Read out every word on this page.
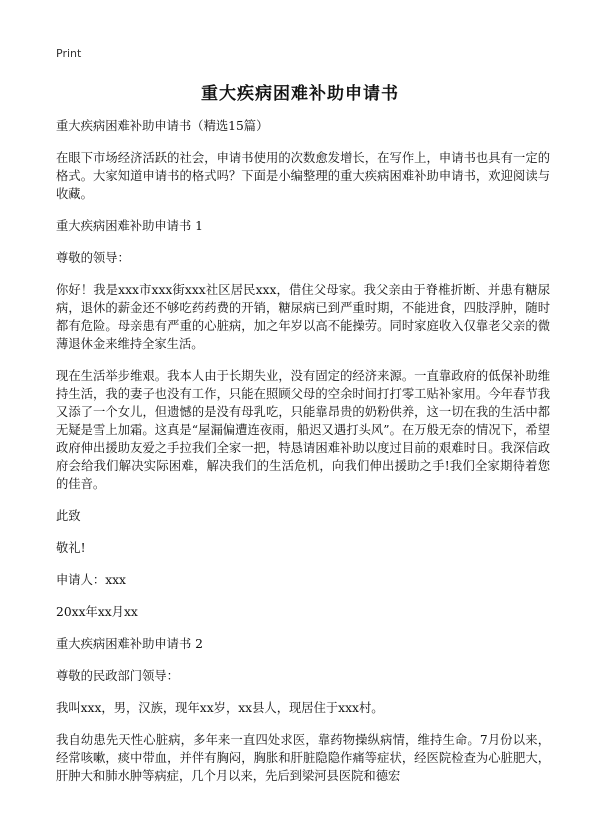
Print
重大疾病困难补助申请书

重大疾病困难补助申请书（精选15篇）

在眼下市场经济活跃的社会，申请书使用的次数愈发增长，在写作上，申请书也具有一定的格式。大家知道申请书的格式吗？下面是小编整理的重大疾病困难补助申请书，欢迎阅读与收藏。

重大疾病困难补助申请书 1

尊敬的领导：

你好！我是xxx市xxx街xxx社区居民xxx，借住父母家。我父亲由于脊椎折断、并患有糖尿病，退休的薪金还不够吃药药费的开销，糖尿病已到严重时期，不能进食，四肢浮肿，随时都有危险。母亲患有严重的心脏病，加之年岁以高不能操劳。同时家庭收入仅靠老父亲的微薄退休金来维持全家生活。

现在生活举步维艰。我本人由于长期失业，没有固定的经济来源。一直靠政府的低保补助维持生活，我的妻子也没有工作，只能在照顾父母的空余时间打打零工贴补家用。今年春节我又添了一个女儿，但遗憾的是没有母乳吃，只能靠昂贵的奶粉供养，这一切在我的生活中都无疑是雪上加霜。这真是“屋漏偏遭连夜雨，船迟又遇打头风”。在万般无奈的情况下，希望政府伸出援助友爱之手拉我们全家一把，特恳请困难补助以度过目前的艰难时日。我深信政府会给我们解决实际困难，解决我们的生活危机，向我们伸出援助之手!我们全家期待着您的佳音。

此致

敬礼!

申请人：xxx

20xx年xx月xx

重大疾病困难补助申请书 2

尊敬的民政部门领导：

我叫xxx，男，汉族，现年xx岁，xx县人，现居住于xxx村。

我自幼患先天性心脏病，多年来一直四处求医，靠药物操纵病情，维持生命。7月份以来，经常咳嗽，痰中带血，并伴有胸闷，胸胀和肝脏隐隐作痛等症状，经医院检查为心脏肥大，肝肿大和肺水肿等病症，几个月以来，先后到梁河县医院和德宏
